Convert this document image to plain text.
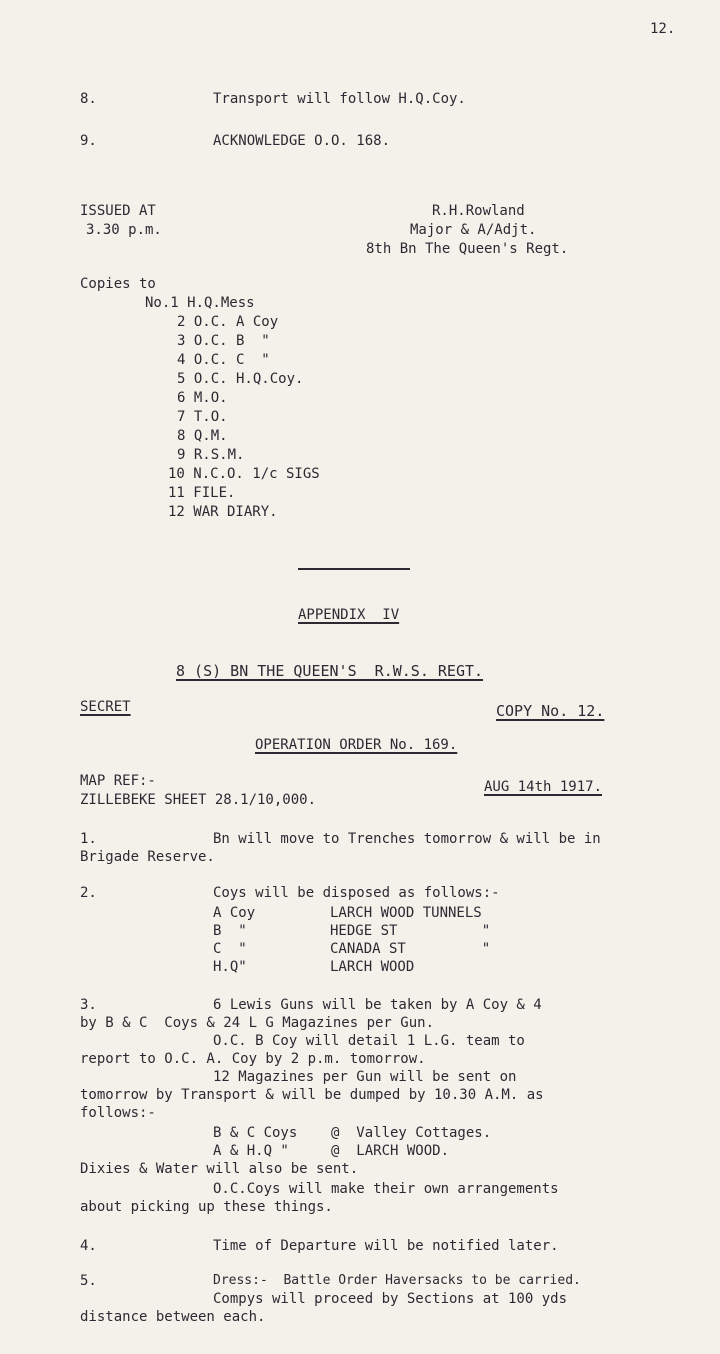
12.
8.	Transport will follow H.Q.Coy.
9.	ACKNOWLEDGE O.O. 168.
ISSUED AT
3.30 p.m.
R.H.Rowland
Major & A/Adjt.
8th Bn The Queen's Regt.
Copies to
No.1 H.Q.Mess
2 O.C. A Coy
3 O.C. B  "
4 O.C. C  "
5 O.C. H.Q.Coy.
6 M.O.
7 T.O.
8 Q.M.
9 R.S.M.
10 N.C.O. 1/c SIGS
11 FILE.
12 WAR DIARY.
APPENDIX  IV
8 (S) BN THE QUEEN'S  R.W.S. REGT.
SECRET	COPY No. 12.
OPERATION ORDER No. 169.
MAP REF:-
ZILLEBEKE SHEET 28.1/10,000.
AUG 14th 1917.
1.	Bn will move to Trenches tomorrow & will be in
Brigade Reserve.
2.	Coys will be disposed as follows:-
A Coy	LARCH WOOD TUNNELS
B  "	HEDGE ST          "
C  "	CANADA ST         "
H.Q"	LARCH WOOD
3.	6 Lewis Guns will be taken by A Coy & 4
by B & C  Coys & 24 L G Magazines per Gun.
O.C. B Coy will detail 1 L.G. team to
report to O.C. A. Coy by 2 p.m. tomorrow.
12 Magazines per Gun will be sent on
tomorrow by Transport & will be dumped by 10.30 A.M. as
follows:-
B & C Coys    @  Valley Cottages.
A & H.Q "     @  LARCH WOOD.
Dixies & Water will also be sent.
O.C.Coys will make their own arrangements
about picking up these things.
4.	Time of Departure will be notified later.
5.	Dress:-  Battle Order Haversacks to be carried.
Compys will proceed by Sections at 100 yds
distance between each.
